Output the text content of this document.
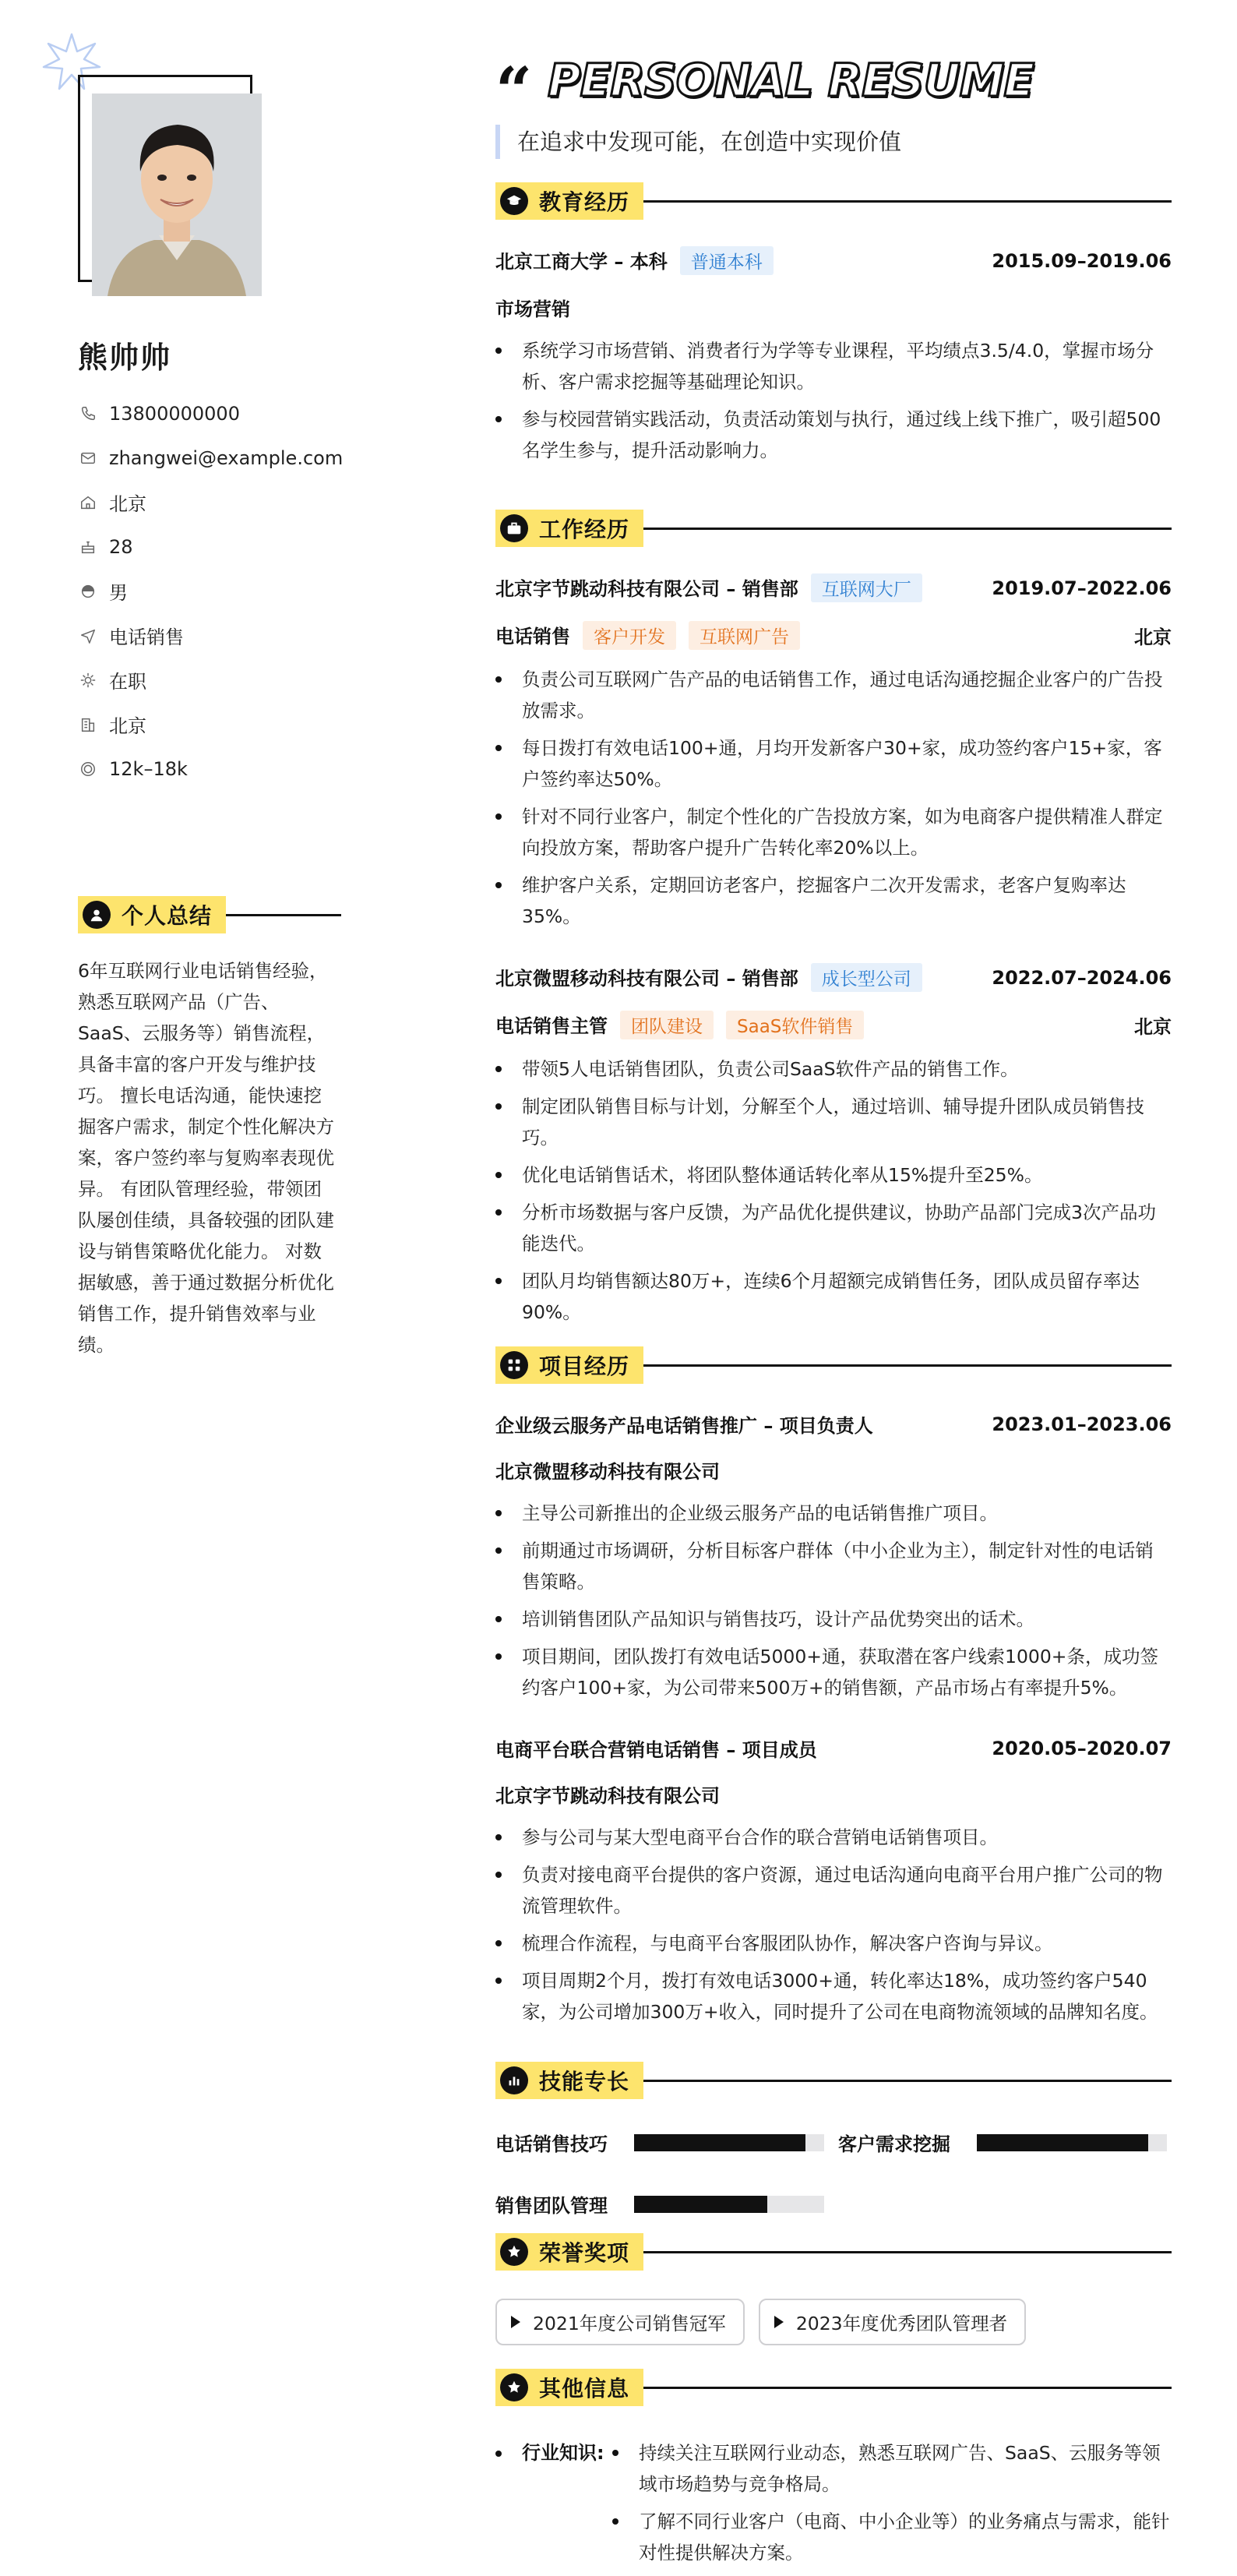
熊帅帅
13800000000
zhangwei@example.com
北京
28
男
电话销售
在职
北京
12k–18k
个人总结

6年互联网行业电话销售经验，熟悉互联网产品（广告、SaaS、云服务等）销售流程，具备丰富的客户开发与维护技巧。 擅长电话沟通，能快速挖掘客户需求，制定个性化解决方案，客户签约率与复购率表现优异。 有团队管理经验，带领团队屡创佳绩，具备较强的团队建设与销售策略优化能力。 对数据敏感，善于通过数据分析优化销售工作，提升销售效率与业绩。

“ PERSONAL RESUME
在追求中发现可能，在创造中实现价值
教育经历
北京工商大学 – 本科 普通本科	2015.09–2019.06
市场营销
系统学习市场营销、消费者行为学等专业课程，平均绩点3.5/4.0，掌握市场分析、客户需求挖掘等基础理论知识。
参与校园营销实践活动，负责活动策划与执行，通过线上线下推广，吸引超500名学生参与，提升活动影响力。
工作经历
北京字节跳动科技有限公司 – 销售部 互联网大厂	2019.07–2022.06
电话销售 客户开发 互联网广告	北京
负责公司互联网广告产品的电话销售工作，通过电话沟通挖掘企业客户的广告投放需求。
每日拨打有效电话100+通，月均开发新客户30+家，成功签约客户15+家，客户签约率达50%。
针对不同行业客户，制定个性化的广告投放方案，如为电商客户提供精准人群定向投放方案，帮助客户提升广告转化率20%以上。
维护客户关系，定期回访老客户，挖掘客户二次开发需求，老客户复购率达35%。
北京微盟移动科技有限公司 – 销售部 成长型公司	2022.07–2024.06
电话销售主管 团队建设 SaaS软件销售	北京
带领5人电话销售团队，负责公司SaaS软件产品的销售工作。
制定团队销售目标与计划，分解至个人，通过培训、辅导提升团队成员销售技巧。
优化电话销售话术，将团队整体通话转化率从15%提升至25%。
分析市场数据与客户反馈，为产品优化提供建议，协助产品部门完成3次产品功能迭代。
团队月均销售额达80万+，连续6个月超额完成销售任务，团队成员留存率达90%。
项目经历
企业级云服务产品电话销售推广 – 项目负责人	2023.01–2023.06
北京微盟移动科技有限公司
主导公司新推出的企业级云服务产品的电话销售推广项目。
前期通过市场调研，分析目标客户群体（中小企业为主），制定针对性的电话销售策略。
培训销售团队产品知识与销售技巧，设计产品优势突出的话术。
项目期间，团队拨打有效电话5000+通，获取潜在客户线索1000+条，成功签约客户100+家，为公司带来500万+的销售额，产品市场占有率提升5%。
电商平台联合营销电话销售 – 项目成员	2020.05–2020.07
北京字节跳动科技有限公司
参与公司与某大型电商平台合作的联合营销电话销售项目。
负责对接电商平台提供的客户资源，通过电话沟通向电商平台用户推广公司的物流管理软件。
梳理合作流程，与电商平台客服团队协作，解决客户咨询与异议。
项目周期2个月，拨打有效电话3000+通，转化率达18%，成功签约客户540家，为公司增加300万+收入，同时提升了公司在电商物流领域的品牌知名度。
技能专长
电话销售技巧	客户需求挖掘
销售团队管理
荣誉奖项
2021年度公司销售冠军	2023年度优秀团队管理者
其他信息
行业知识:	持续关注互联网行业动态，熟悉互联网广告、SaaS、云服务等领域市场趋势与竞争格局。
了解不同行业客户（电商、中小企业等）的业务痛点与需求，能针对性提供解决方案。
